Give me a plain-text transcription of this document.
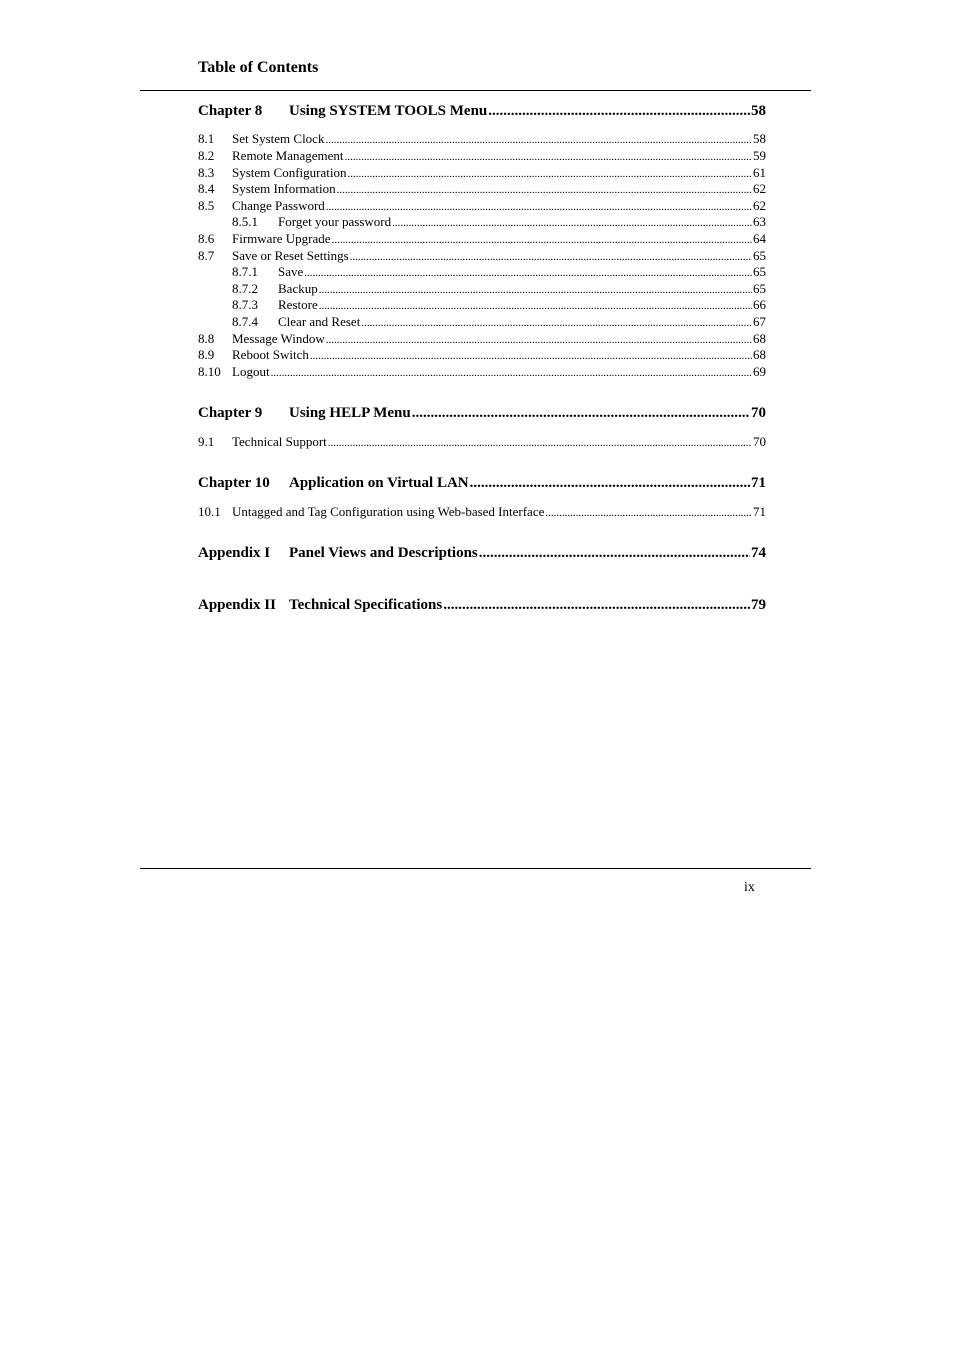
Table of Contents
Chapter 8	Using SYSTEM TOOLS Menu .....	58
8.1	Set System Clock .....	58
8.2	Remote Management .....	59
8.3	System Configuration .....	61
8.4	System Information .....	62
8.5	Change Password .....	62
8.5.1	Forget your password .....	63
8.6	Firmware Upgrade .....	64
8.7	Save or Reset Settings .....	65
8.7.1	Save .....	65
8.7.2	Backup .....	65
8.7.3	Restore .....	66
8.7.4	Clear and Reset .....	67
8.8	Message Window .....	68
8.9	Reboot Switch .....	68
8.10 Logout .....	69
Chapter 9	Using HELP Menu .....	70
9.1	Technical Support .....	70
Chapter 10	Application on Virtual LAN .....	71
10.1 Untagged and Tag Configuration using Web-based Interface .....	71
Appendix I	Panel Views and Descriptions .....	74
Appendix II Technical Specifications .....	79
ix
